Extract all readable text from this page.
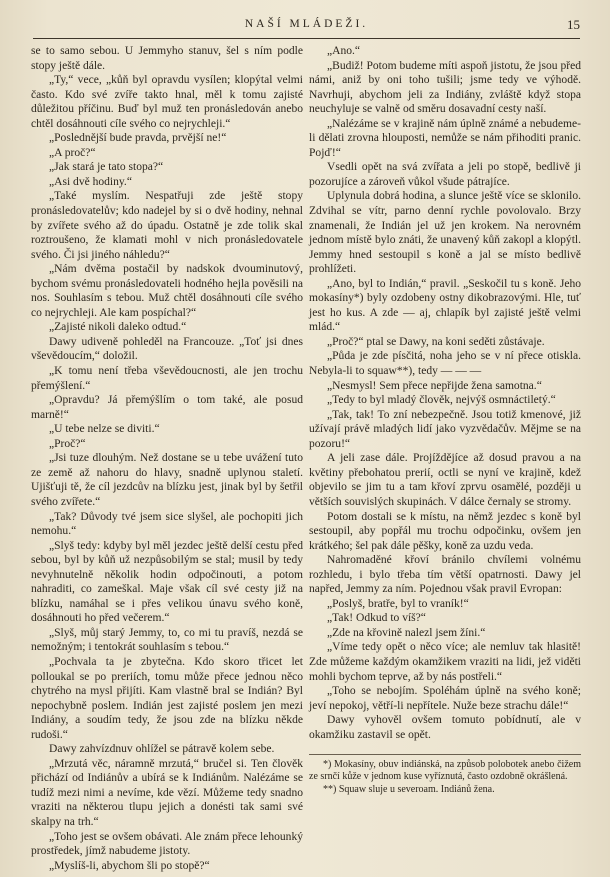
NAŠÍ MLÁDEŽI.	15

se to samo sebou. U Jemmyho stanuv, šel s ním podle stopy ještě dále.

„Ty,“ vece, „kůň byl opravdu vysílen; klopýtal velmi často. Kdo své zvíře takto hnal, měl k tomu zajisté důležitou příčinu. Buď byl muž ten pronásledován anebo chtěl dosáhnouti cíle svého co nejrychleji.“

„Poslednější bude pravda, prvější ne!“

„A proč?“

„Jak stará je tato stopa?“

„Asi dvě hodiny.“

„Také myslím. Nespatřuji zde ještě stopy pronásledovatelův; kdo nadejel by si o dvě hodiny, nehnal by zvířete svého až do úpadu. Ostatně je zde tolik skal roztroušeno, že klamati mohl v nich pronásledovatele svého. Či jsi jiného náhledu?“

„Nám dvěma postačil by nadskok dvouminutový, bychom svému pronásledovateli hodného hejla pověsili na nos. Souhlasím s tebou. Muž chtěl dosáhnouti cíle svého co nejrychleji. Ale kam pospíchal?“

„Zajisté nikoli daleko odtud.“

Dawy udiveně pohleděl na Francouze. „Toť jsi dnes vševědoucím,“ doložil.

„K tomu není třeba vševědoucnosti, ale jen trochu přemýšlení.“

„Opravdu? Já přemýšlím o tom také, ale posud marně!“

„U tebe nelze se diviti.“

„Proč?“

„Jsi tuze dlouhým. Než dostane se u tebe uvážení tuto ze země až nahoru do hlavy, snadně uplynou staletí. Ujišťuji tě, že cíl jezdcův na blízku jest, jinak byl by šetřil svého zvířete.“

„Tak? Důvody tvé jsem sice slyšel, ale pochopiti jich nemohu.“

„Slyš tedy: kdyby byl měl jezdec ještě delší cestu před sebou, byl by kůň už nezpůsobilým se stal; musil by tedy nevyhnutelně několik hodin odpočinouti, a potom nahraditi, co zameškal. Maje však cíl své cesty již na blízku, namáhal se i přes velikou únavu svého koně, dosáhnouti ho před večerem.“

„Slyš, můj starý Jemmy, to, co mi tu pravíš, nezdá se nemožným; i tentokrát souhlasím s tebou.“

„Pochvala ta je zbytečna. Kdo skoro třicet let polloukal se po preriích, tomu může přece jednou něco chytrého na mysl přijíti. Kam vlastně bral se Indián? Byl nepochybně poslem. Indián jest zajisté poslem jen mezi Indiány, a soudím tedy, že jsou zde na blízku někde rudoši.“

Dawy zahvízdnuv ohlížel se pátravě kolem sebe.

„Mrzutá věc, náramně mrzutá,“ bručel si. Ten člověk přichází od Indiánův a ubírá se k Indiánům. Nalézáme se tudíž mezi nimi a nevíme, kde vězí. Můžeme tedy snadno vraziti na některou tlupu jejich a donésti tak sami své skalpy na trh.“

„Toho jest se ovšem obávati. Ale znám přece lehounký prostředek, jímž nabudeme jistoty.

„Myslíš-li, abychom šli po stopě?“

„Ano.“

„Budiž! Potom budeme míti aspoň jistotu, že jsou před námi, aniž by oni toho tušili; jsme tedy ve výhodě. Navrhuji, abychom jeli za Indiány, zvláště když stopa neuchyluje se valně od směru dosavadní cesty naší.

„Nalézáme se v krajině nám úplně známé a nebudeme-li dělati zrovna hlouposti, nemůže se nám přihoditi pranic. Pojď!“

Vsedli opět na svá zvířata a jeli po stopě, bedlivě ji pozorujíce a zároveň vůkol všude pátrajíce.

Uplynula dobrá hodina, a slunce ještě více se sklonilo. Zdvihal se vítr, parno denní rychle povolovalo. Brzy znamenali, že Indián jel už jen krokem. Na nerovném jednom místě bylo znáti, že unavený kůň zakopl a klopýtl. Jemmy hned sestoupil s koně a jal se místo bedlivě prohlížeti.

„Ano, byl to Indián,“ pravil. „Seskočil tu s koně. Jeho mokasíny*) byly ozdobeny ostny dikobrazovými. Hle, tuť jest ho kus. A zde — aj, chlapík byl zajisté ještě velmi mlád.“

„Proč?“ ptal se Dawy, na koni seděti zůstávaje.

„Půda je zde písčitá, noha jeho se v ní přece otiskla. Nebyla-li to squaw**), tedy — — —

„Nesmysl! Sem přece nepřijde žena samotna.“

„Tedy to byl mladý člověk, nejvýš osmnáctiletý.“

„Tak, tak! To zní nebezpečně. Jsou totiž kmenové, již užívají právě mladých lidí jako vyzvědačův. Mějme se na pozoru!“

A jeli zase dále. Projíždějíce až dosud pravou a na květiny přebohatou prerií, octli se nyní ve krajině, kdež objevilo se jim tu a tam křoví zprvu osamělé, později u větších souvislých skupinách. V dálce černaly se stromy.

Potom dostali se k místu, na němž jezdec s koně byl sestoupil, aby popřál mu trochu odpočinku, ovšem jen krátkého; šel pak dále pěšky, koně za uzdu veda.

Nahromaděné křoví bránilo chvílemi volnému rozhledu, i bylo třeba tím větší opatrnosti. Dawy jel napřed, Jemmy za ním. Pojednou však pravil Evropan:

„Poslyš, bratře, byl to vraník!“

„Tak! Odkud to víš?“

„Zde na křovině nalezl jsem žíni.“

„Víme tedy opět o něco více; ale nemluv tak hlasitě! Zde můžeme každým okamžikem vraziti na lidi, jež viděti mohli bychom teprve, až by nás postřeli.“

„Toho se nebojím. Spoléhám úplně na svého koně; jeví nepokoj, větří-li nepřítele. Nuže beze strachu dále!“

Dawy vyhověl ovšem tomuto pobídnutí, ale v okamžiku zastavil se opět.

*) Mokasíny, obuv indiánská, na způsob polobotek anebo čižem ze srnčí kůže v jednom kuse vyříznutá, často ozdobně okrášlená.

**) Squaw sluje u severoam. Indiánů žena.
